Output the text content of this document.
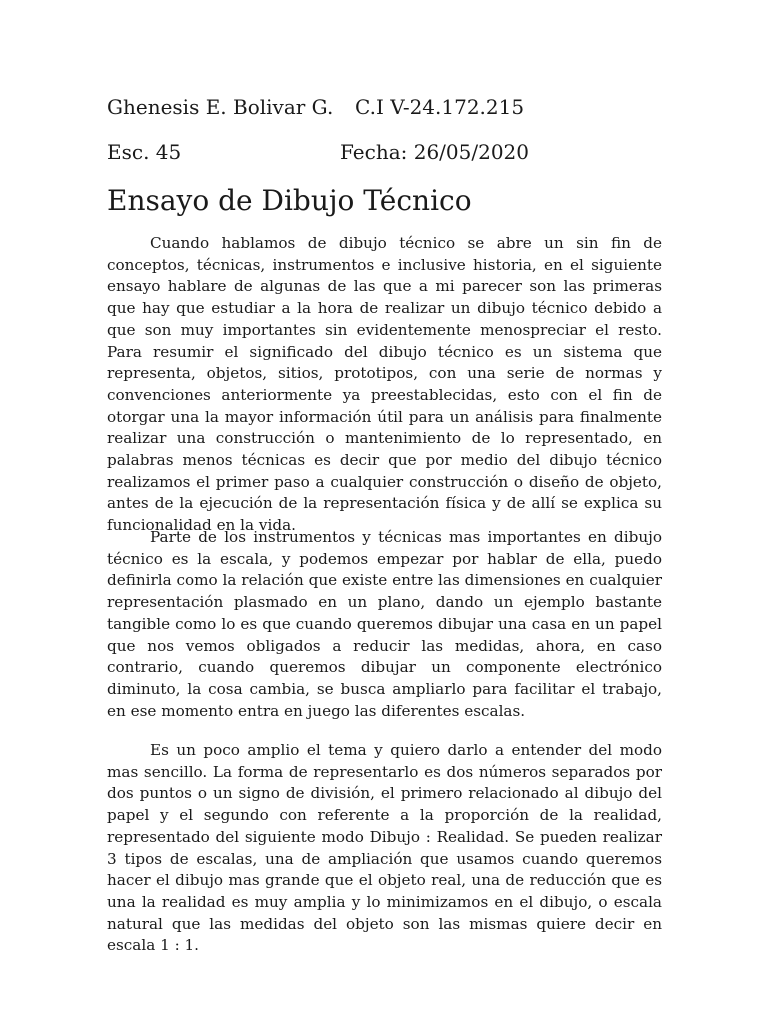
Ghenesis E. Bolivar G. C.I V-24.172.215
Esc. 45	Fecha: 26/05/2020
Ensayo de Dibujo Técnico

Cuando hablamos de dibujo técnico se abre un sin fin de conceptos, técnicas, instrumentos e inclusive historia, en el siguiente ensayo hablare de algunas de las que a mi parecer son las primeras que hay que estudiar a la hora de realizar un dibujo técnico debido a que son muy importantes sin evidentemente menospreciar el resto. Para resumir el significado del dibujo técnico es un sistema que representa, objetos, sitios, prototipos, con una serie de normas y convenciones anteriormente ya preestablecidas, esto con el fin de otorgar una la mayor información útil para un análisis para finalmente realizar una construcción o mantenimiento de lo representado, en palabras menos técnicas es decir que por medio del dibujo técnico realizamos el primer paso a cualquier construcción o diseño de objeto, antes de la ejecución de la representación física y de allí se explica su funcionalidad en la vida.

Parte de los instrumentos y técnicas mas importantes en dibujo técnico es la escala, y podemos empezar por hablar de ella, puedo definirla como la relación que existe entre las dimensiones en cualquier representación plasmado en un plano, dando un ejemplo bastante tangible como lo es que cuando queremos dibujar una casa en un papel que nos vemos obligados a reducir las medidas, ahora, en caso contrario, cuando queremos dibujar un componente electrónico diminuto, la cosa cambia, se busca ampliarlo para facilitar el trabajo, en ese momento entra en juego las diferentes escalas.

Es un poco amplio el tema y quiero darlo a entender del modo mas sencillo. La forma de representarlo es dos números separados por dos puntos o un signo de división, el primero relacionado al dibujo del papel y el segundo con referente a la proporción de la realidad, representado del siguiente modo Dibujo : Realidad. Se pueden realizar 3 tipos de escalas, una de ampliación que usamos cuando queremos hacer el dibujo mas grande que el objeto real, una de reducción que es una la realidad es muy amplia y lo minimizamos en el dibujo, o escala natural que las medidas del objeto son las mismas quiere decir en escala 1 : 1.
